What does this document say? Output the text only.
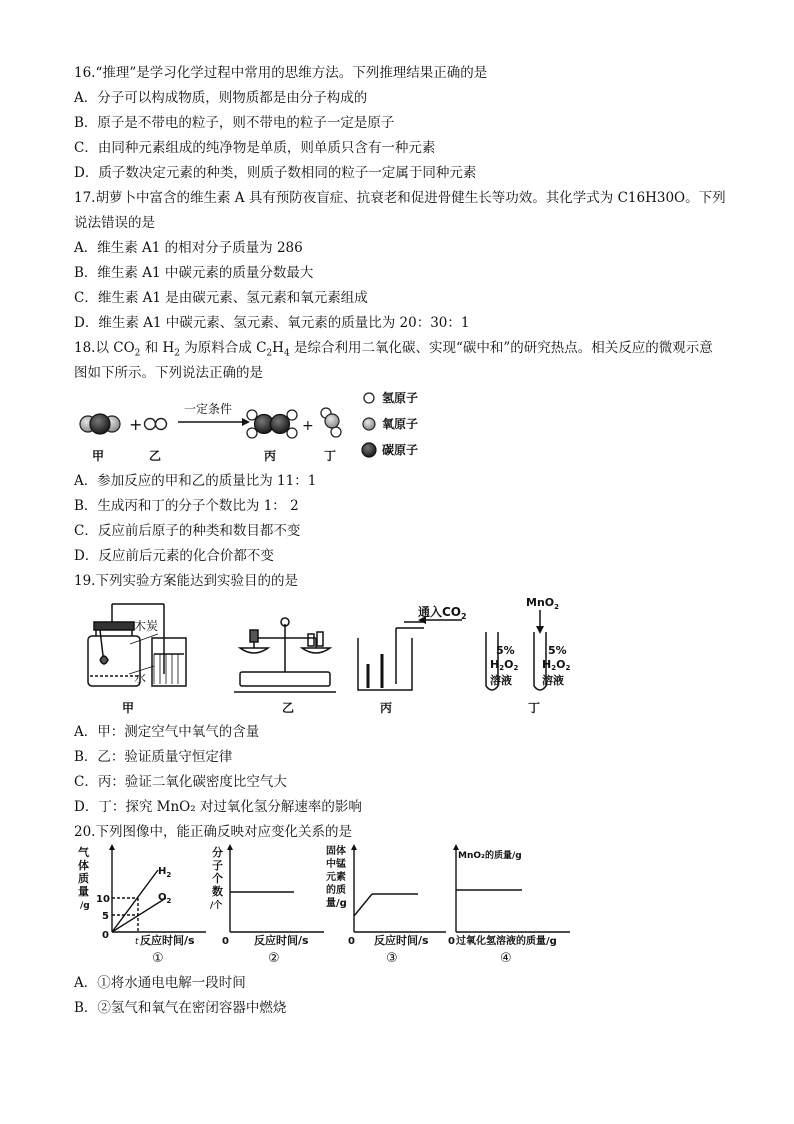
16.“推理”是学习化学过程中常用的思维方法。下列推理结果正确的是
A．分子可以构成物质，则物质都是由分子构成的
B．原子是不带电的粒子，则不带电的粒子一定是原子
C．由同种元素组成的纯净物是单质，则单质只含有一种元素
D．质子数决定元素的种类，则质子数相同的粒子一定属于同种元素
17.胡萝卜中富含的维生素 A 具有预防夜盲症、抗衰老和促进骨健生长等功效。其化学式为 C16H30O。下列
说法错误的是
A．维生素 A1 的相对分子质量为 286
B．维生素 A1 中碳元素的质量分数最大
C．维生素 A1 是由碳元素、氢元素和氧元素组成
D．维生素 A1 中碳元素、氢元素、氧元素的质量比为 20：30：1
18.以 $CO_2$ 和 $H_2$ 为原料合成 $C_2H_4$ 是综合利用二氧化碳、实现“碳中和”的研究热点。相关反应的微观示意
图如下所示。下列说法正确的是
+
一定条件
+
甲	乙	丙	丁
氢原子
氧原子
碳原子
A．参加反应的甲和乙的质量比为 11：1
B．生成丙和丁的分子个数比为 1： 2
C．反应前后原子的种类和数目都不变
D．反应前后元素的化合价都不变
19.下列实验方案能达到实验目的的是
木炭
水
甲	乙
通入$CO_2$
丙
MnO$_2$
5%
H2O2
溶液
5%
H2O2
溶液
丁
A．甲：测定空气中氧气的含量
B．乙：验证质量守恒定律
C．丙：验证二氧化碳密度比空气大
D．丁：探究 MnO₂ 对过氧化氢分解速率的影响
20.下列图像中，能正确反映对应变化关系的是
气
体
质
量
/g
10
5
0
t
$H_2$
$O_2$
反应时间/s
①
分
子
个
数
/个
0 反应时间/s
②
固体
中锰
元素
的质
量/g
0 反应时间/s
③
MnO₂的质量/g
0 过氧化氢溶液的质量/g
④
A．①将水通电电解一段时间
B．②氢气和氧气在密闭容器中燃烧
